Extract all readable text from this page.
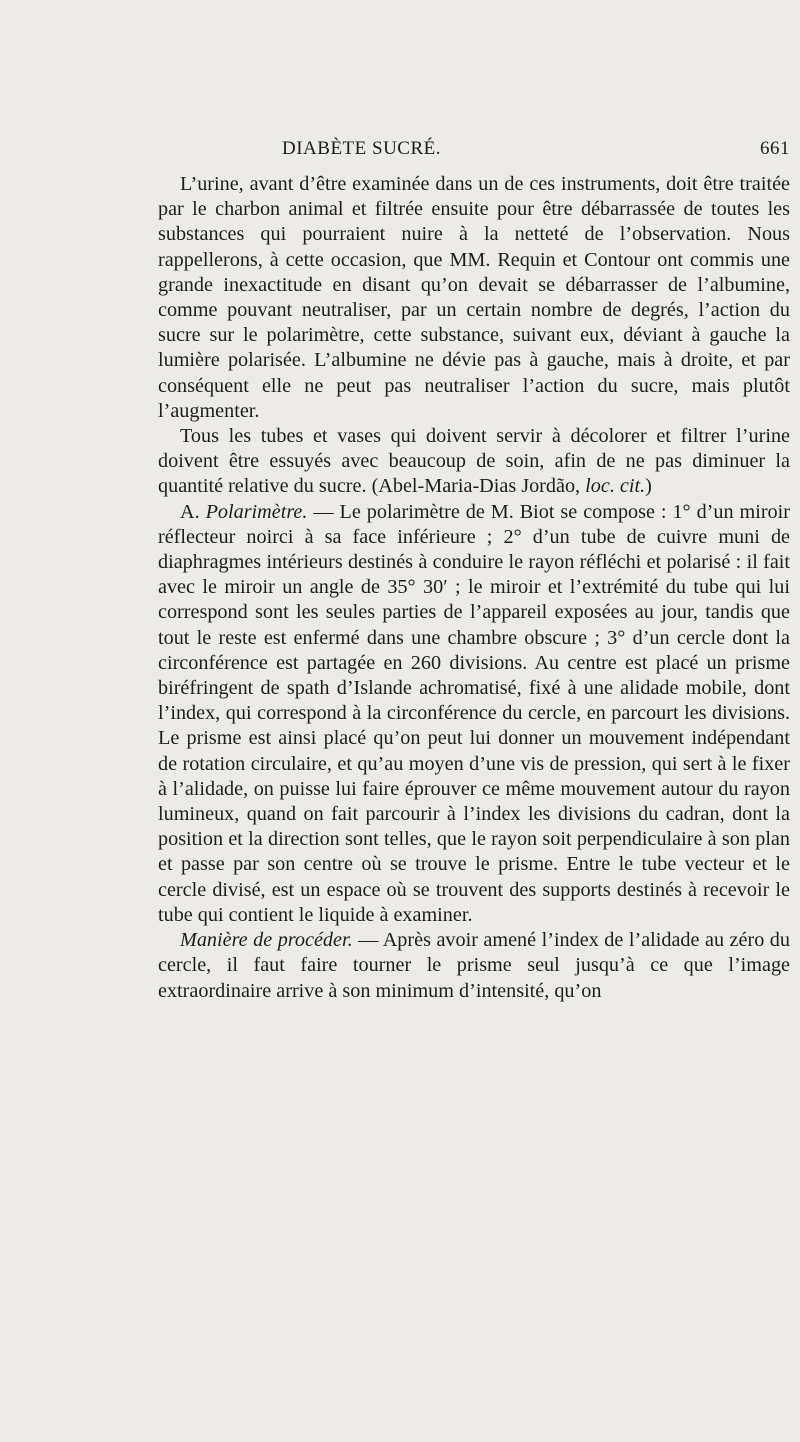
DIABÈTE SUCRÉ.	661

L’urine, avant d’être examinée dans un de ces instruments, doit être traitée par le charbon animal et filtrée ensuite pour être débarrassée de toutes les substances qui pourraient nuire à la netteté de l’observation. Nous rappellerons, à cette occasion, que MM. Requin et Contour ont commis une grande inexactitude en disant qu’on devait se débarrasser de l’albumine, comme pouvant neutraliser, par un certain nombre de degrés, l’action du sucre sur le polarimètre, cette substance, suivant eux, déviant à gauche la lumière polarisée. L’albumine ne dévie pas à gauche, mais à droite, et par conséquent elle ne peut pas neutraliser l’action du sucre, mais plutôt l’augmenter.

Tous les tubes et vases qui doivent servir à décolorer et filtrer l’urine doivent être essuyés avec beaucoup de soin, afin de ne pas diminuer la quantité relative du sucre. (Abel-Maria-Dias Jordão, loc. cit.)

A. Polarimètre. — Le polarimètre de M. Biot se compose : 1° d’un miroir réflecteur noirci à sa face inférieure ; 2° d’un tube de cuivre muni de diaphragmes intérieurs destinés à conduire le rayon réfléchi et polarisé : il fait avec le miroir un angle de 35° 30′ ; le miroir et l’extrémité du tube qui lui correspond sont les seules parties de l’appareil exposées au jour, tandis que tout le reste est enfermé dans une chambre obscure ; 3° d’un cercle dont la circonférence est partagée en 260 divisions. Au centre est placé un prisme biréfringent de spath d’Islande achromatisé, fixé à une alidade mobile, dont l’index, qui correspond à la circonférence du cercle, en parcourt les divisions. Le prisme est ainsi placé qu’on peut lui donner un mouvement indépendant de rotation circulaire, et qu’au moyen d’une vis de pression, qui sert à le fixer à l’alidade, on puisse lui faire éprouver ce même mouvement autour du rayon lumineux, quand on fait parcourir à l’index les divisions du cadran, dont la position et la direction sont telles, que le rayon soit perpendiculaire à son plan et passe par son centre où se trouve le prisme. Entre le tube vecteur et le cercle divisé, est un espace où se trouvent des supports destinés à recevoir le tube qui contient le liquide à examiner.

Manière de procéder. — Après avoir amené l’index de l’alidade au zéro du cercle, il faut faire tourner le prisme seul jusqu’à ce que l’image extraordinaire arrive à son minimum d’intensité, qu’on
